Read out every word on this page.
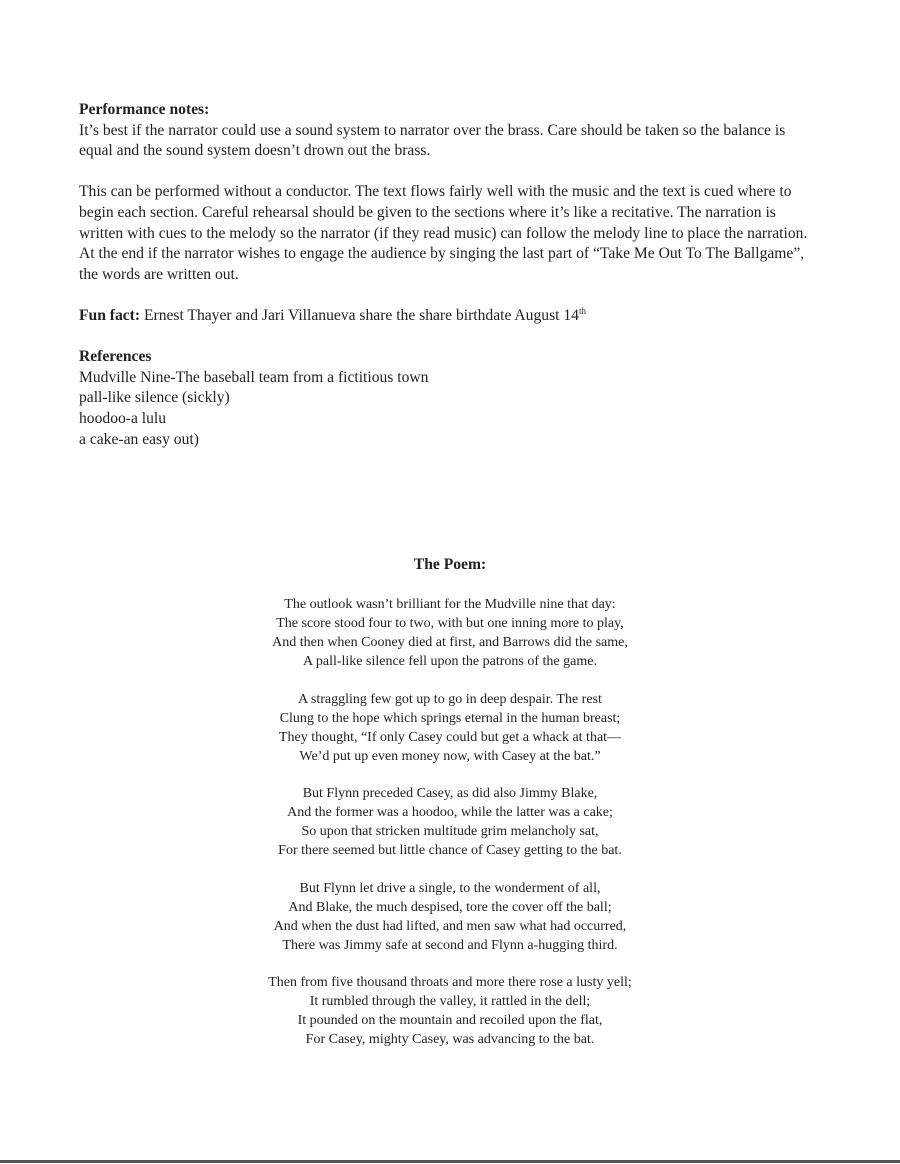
Performance notes:

It’s best if the narrator could use a sound system to narrator over the brass. Care should be taken so the balance is equal and the sound system doesn’t drown out the brass.

This can be performed without a conductor. The text flows fairly well with the music and the text is cued where to begin each section. Careful rehearsal should be given to the sections where it’s like a recitative. The narration is written with cues to the melody so the narrator (if they read music) can follow the melody line to place the narration. At the end if the narrator wishes to engage the audience by singing the last part of “Take Me Out To The Ballgame”, the words are written out.

Fun fact: Ernest Thayer and Jari Villanueva share the share birthdate August 14th

References

Mudville Nine-The baseball team from a fictitious town

pall-like silence (sickly)

hoodoo-a lulu

a cake-an easy out)

The Poem:
The outlook wasn’t brilliant for the Mudville nine that day:
The score stood four to two, with but one inning more to play,
And then when Cooney died at first, and Barrows did the same,
A pall-like silence fell upon the patrons of the game.
A straggling few got up to go in deep despair. The rest
Clung to the hope which springs eternal in the human breast;
They thought, “If only Casey could but get a whack at that—
We’d put up even money now, with Casey at the bat.”
But Flynn preceded Casey, as did also Jimmy Blake,
And the former was a hoodoo, while the latter was a cake;
So upon that stricken multitude grim melancholy sat,
For there seemed but little chance of Casey getting to the bat.
But Flynn let drive a single, to the wonderment of all,
And Blake, the much despised, tore the cover off the ball;
And when the dust had lifted, and men saw what had occurred,
There was Jimmy safe at second and Flynn a-hugging third.
Then from five thousand throats and more there rose a lusty yell;
It rumbled through the valley, it rattled in the dell;
It pounded on the mountain and recoiled upon the flat,
For Casey, mighty Casey, was advancing to the bat.
